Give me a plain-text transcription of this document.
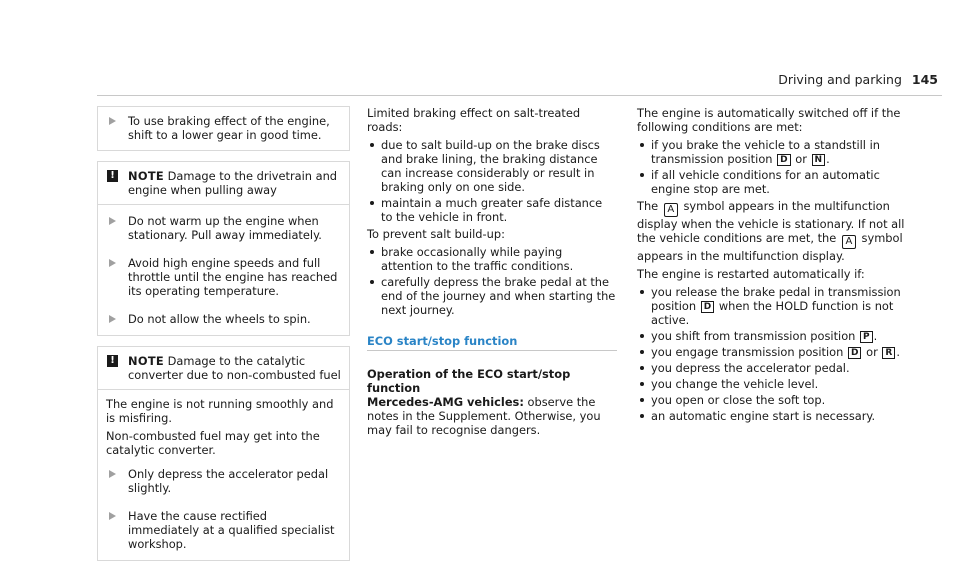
Driving and parking 145
To use braking effect of the engine, shift to a lower gear in good time.
! NOTE Damage to the drivetrain and engine when pulling away
Do not warm up the engine when stationary. Pull away immediately.
Avoid high engine speeds and full throttle until the engine has reached its operating temperature.
Do not allow the wheels to spin.
! NOTE Damage to the catalytic converter due to non-combusted fuel
The engine is not running smoothly and is misfiring.
Non-combusted fuel may get into the catalytic converter.
Only depress the accelerator pedal slightly.
Have the cause rectified immediately at a qualified specialist workshop.
Limited braking effect on salt-treated roads:
due to salt build-up on the brake discs and brake lining, the braking distance can increase considerably or result in braking only on one side.
maintain a much greater safe distance to the vehicle in front.
To prevent salt build-up:
brake occasionally while paying attention to the traffic conditions.
carefully depress the brake pedal at the end of the journey and when starting the next journey.
ECO start/stop function
Operation of the ECO start/stop function
Mercedes-AMG vehicles: observe the notes in the Supplement. Otherwise, you may fail to recognise dangers.
The engine is automatically switched off if the following conditions are met:
if you brake the vehicle to a standstill in transmission position D or N .
if all vehicle conditions for an automatic engine stop are met.
The A symbol appears in the multifunction display when the vehicle is stationary. If not all the vehicle conditions are met, the A symbol appears in the multifunction display.
The engine is restarted automatically if:
you release the brake pedal in transmission position D when the HOLD function is not active.
you shift from transmission position P .
you engage transmission position D or R .
you depress the accelerator pedal.
you change the vehicle level.
you open or close the soft top.
an automatic engine start is necessary.
